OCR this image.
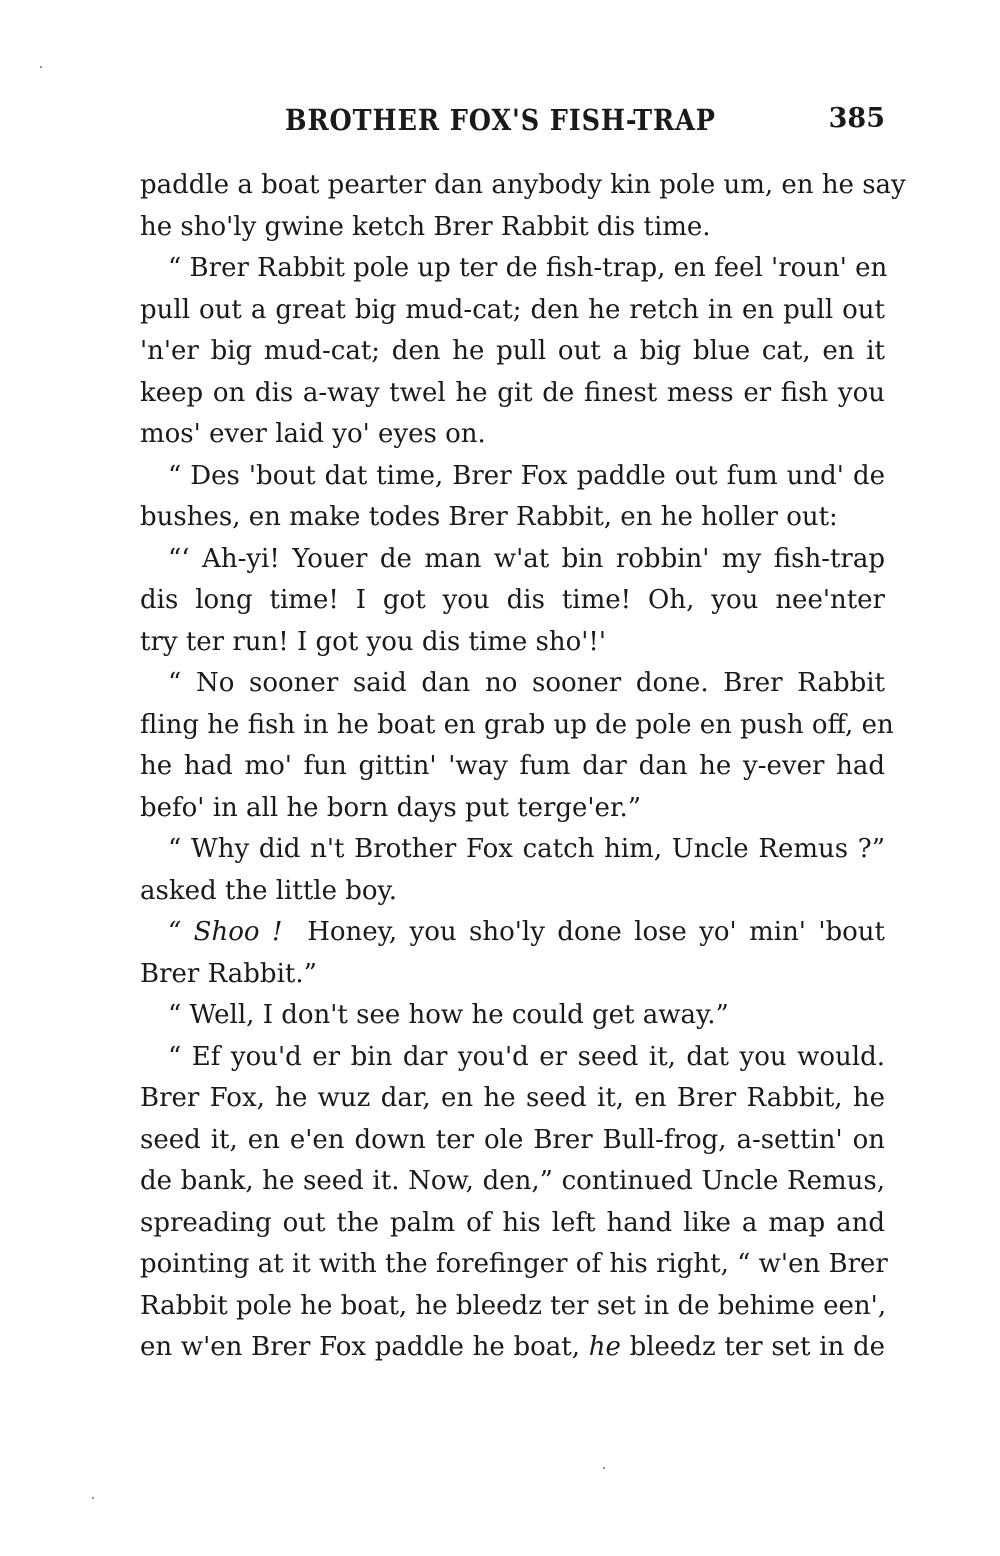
BROTHER FOX'S FISH-TRAP	385
paddle a boat pearter dan anybody kin pole um, en he say
he sho'ly gwine ketch Brer Rabbit dis time.
“ Brer Rabbit pole up ter de fish-trap, en feel 'roun' en
pull out a great big mud-cat; den he retch in en pull out
'n'er big mud-cat; den he pull out a big blue cat, en it
keep on dis a-way twel he git de finest mess er fish you
mos' ever laid yo' eyes on.
“ Des 'bout dat time, Brer Fox paddle out fum und' de
bushes, en make todes Brer Rabbit, en he holler out:
“‘ Ah-yi! Youer de man w'at bin robbin' my fish-trap
dis long time! I got you dis time! Oh, you nee'nter
try ter run! I got you dis time sho'!'
“ No sooner said dan no sooner done. Brer Rabbit
fling he fish in he boat en grab up de pole en push off, en
he had mo' fun gittin' 'way fum dar dan he y-ever had
befo' in all he born days put terge'er.”
“ Why did n't Brother Fox catch him, Uncle Remus ?”
asked the little boy.
“ Shoo ! Honey, you sho'ly done lose yo' min' 'bout
Brer Rabbit.”
“ Well, I don't see how he could get away.”
“ Ef you'd er bin dar you'd er seed it, dat you would.
Brer Fox, he wuz dar, en he seed it, en Brer Rabbit, he
seed it, en e'en down ter ole Brer Bull-frog, a-settin' on
de bank, he seed it. Now, den,” continued Uncle Remus,
spreading out the palm of his left hand like a map and
pointing at it with the forefinger of his right, “ w'en Brer
Rabbit pole he boat, he bleedz ter set in de behime een',
en w'en Brer Fox paddle he boat, he bleedz ter set in de
